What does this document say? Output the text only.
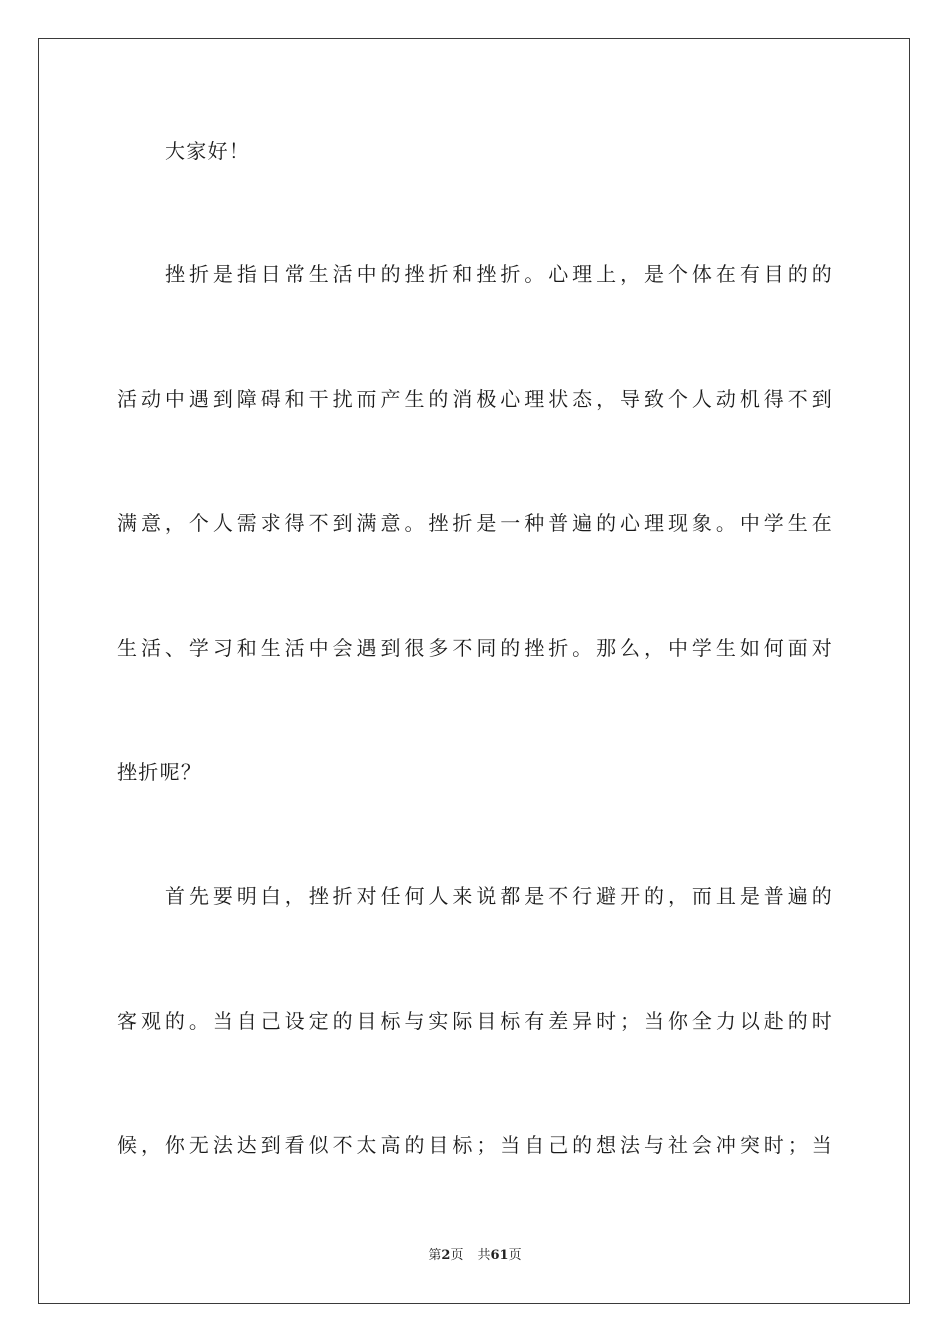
大家好！
挫折是指日常生活中的挫折和挫折。心理上，是个体在有目的的
活动中遇到障碍和干扰而产生的消极心理状态，导致个人动机得不到
满意，个人需求得不到满意。挫折是一种普遍的心理现象。中学生在
生活、学习和生活中会遇到很多不同的挫折。那么，中学生如何面对
挫折呢？
首先要明白，挫折对任何人来说都是不行避开的，而且是普遍的
客观的。当自己设定的目标与实际目标有差异时；当你全力以赴的时
候，你无法达到看似不太高的目标；当自己的想法与社会冲突时；当
第2页 共61页
